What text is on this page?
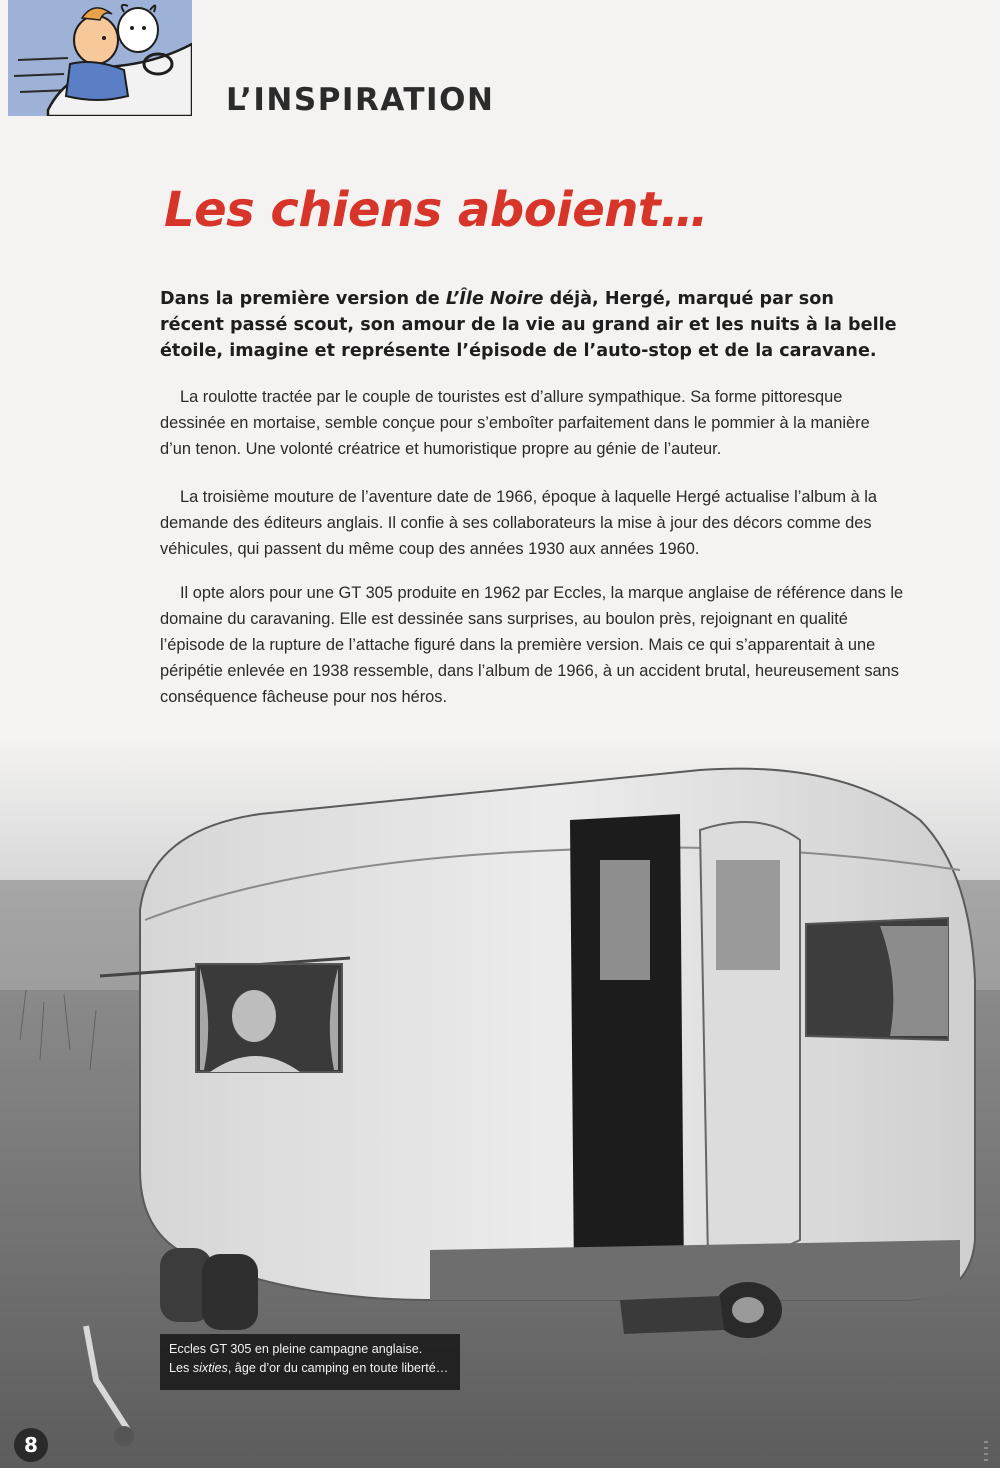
L’INSPIRATION
Les chiens aboient…
Dans la première version de L’Île Noire déjà, Hergé, marqué par son récent passé scout, son amour de la vie au grand air et les nuits à la belle étoile, imagine et représente l’épisode de l’auto-stop et de la caravane.
La roulotte tractée par le couple de touristes est d’allure sympathique. Sa forme pittoresque dessinée en mortaise, semble conçue pour s’emboîter parfaitement dans le pommier à la manière d’un tenon. Une volonté créatrice et humoristique propre au génie de l’auteur.
La troisième mouture de l’aventure date de 1966, époque à laquelle Hergé actualise l’album à la demande des éditeurs anglais. Il confie à ses collaborateurs la mise à jour des décors comme des véhicules, qui passent du même coup des années 1930 aux années 1960.
Il opte alors pour une GT 305 produite en 1962 par Eccles, la marque anglaise de référence dans le domaine du caravaning. Elle est dessinée sans surprises, au boulon près, rejoignant en qualité l’épisode de la rupture de l’attache figuré dans la première version. Mais ce qui s’apparentait à une péripétie enlevée en 1938 ressemble, dans l’album de 1966, à un accident brutal, heureusement sans conséquence fâcheuse pour nos héros.
Eccles GT 305 en pleine campagne anglaise.
Les sixties, âge d’or du camping en toute liberté…
8
